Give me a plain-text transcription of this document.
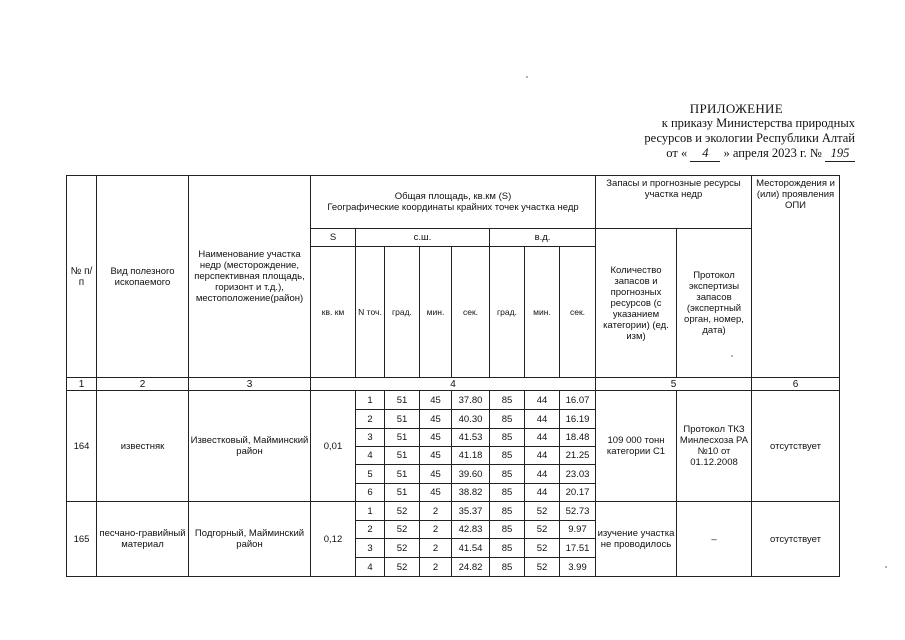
ПРИЛОЖЕНИЕ
к приказу Министерства природных
ресурсов и экологии Республики Алтай
от « 4 » апреля 2023 г. № 195
№ п/п	Вид полезного ископаемого	Наименование участка недр (месторождение, перспективная площадь, горизонт и т.д.), местоположение(район)	Общая площадь, кв.км (S)
Географические координаты крайних точек участка недр								Запасы и прогнозные ресурсы участка недр		Месторождения и (или) проявления ОПИ
			S	с.ш.				в.д.			Количество запасов и прогнозных ресурсов (с указанием категории) (ед. изм)	Протокол экспертизы запасов (экспертный орган, номер, дата)	
			кв. км	N точ.	град.	мин.	сек.	град.	мин.	сек.			
1	2	3	4								5		6
164	известняк	Известковый, Майминский район	0,01	1	51	45	37.80	85	44	16.07	109 000 тонн категории C1	Протокол ТКЗ Минлесхоза РА №10 от 01.12.2008	отсутствует
				2	51	45	40.30	85	44	16.19			
				3	51	45	41.53	85	44	18.48			
				4	51	45	41.18	85	44	21.25			
				5	51	45	39.60	85	44	23.03			
				6	51	45	38.82	85	44	20.17			
165	песчано-гравийный материал	Подгорный, Майминский район	0,12	1	52	2	35.37	85	52	52.73	изучение участка не проводилось	–	отсутствует
				2	52	2	42.83	85	52	9.97			
				3	52	2	41.54	85	52	17.51			
				4	52	2	24.82	85	52	3.99			
